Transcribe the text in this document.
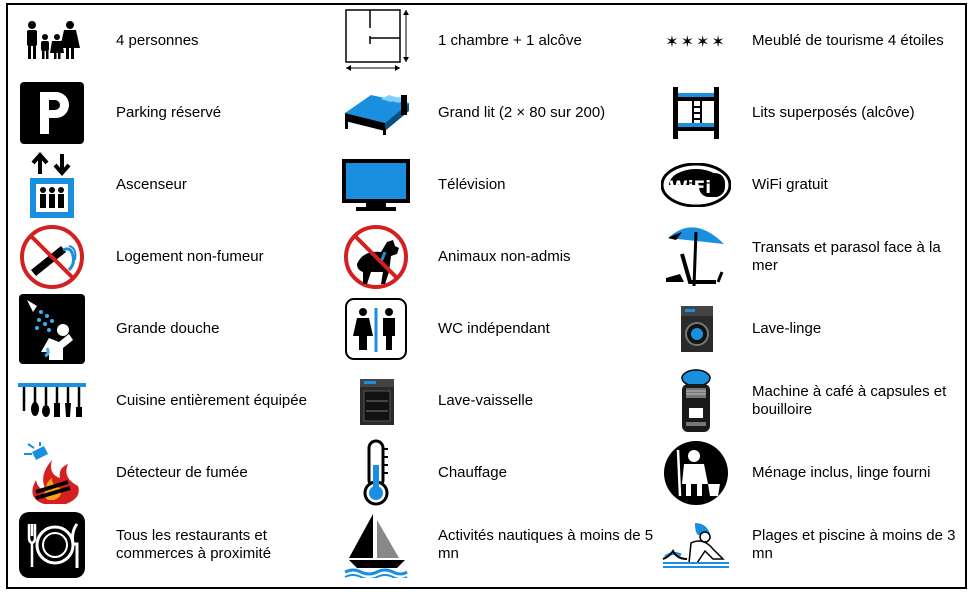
4 personnes
Parking réservé
Ascenseur
Logement non-fumeur
Grande douche
Cuisine entièrement équipée
Détecteur de fumée
Tous les restaurants et commerces à proximité
1 chambre + 1 alcôve
Grand lit (2 × 80 sur 200)
Télévision
Animaux non-admis
WC indépendant
Lave-vaisselle
Chauffage
Activités nautiques à moins de 5 mn
✶✶✶✶ Meublé de tourisme 4 étoiles
Lits superposés (alcôve)
WiFi	WiFi gratuit
Transats et parasol face à la mer
Lave-linge
Machine à café à capsules et bouilloire
Ménage inclus, linge fourni
Plages et piscine à moins de 3 mn
